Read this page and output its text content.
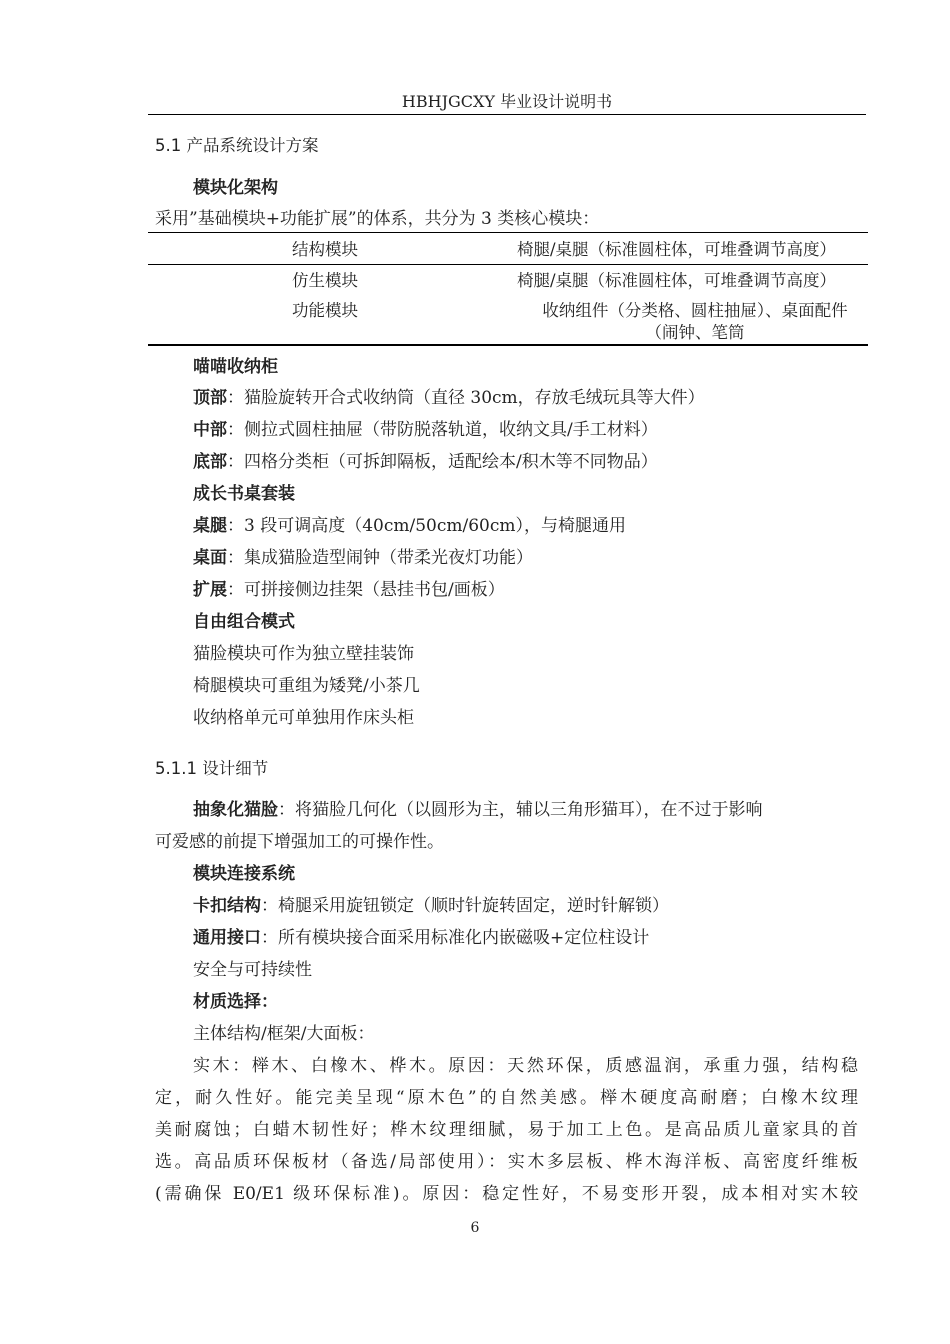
HBHJGCXY 毕业设计说明书
5.1 产品系统设计方案
模块化架构
采用”基础模块+功能扩展”的体系，共分为 3 类核心模块：
结构模块	椅腿/桌腿（标准圆柱体，可堆叠调节高度）
仿生模块	椅腿/桌腿（标准圆柱体，可堆叠调节高度）
功能模块	收纳组件（分类格、圆柱抽屉）、桌面配件（闹钟、笔筒
喵喵收纳柜
顶部：猫脸旋转开合式收纳筒（直径 30cm，存放毛绒玩具等大件）
中部：侧拉式圆柱抽屉（带防脱落轨道，收纳文具/手工材料）
底部：四格分类柜（可拆卸隔板，适配绘本/积木等不同物品）
成长书桌套装
桌腿：3 段可调高度（40cm/50cm/60cm），与椅腿通用
桌面：集成猫脸造型闹钟（带柔光夜灯功能）
扩展：可拼接侧边挂架（悬挂书包/画板）
自由组合模式
猫脸模块可作为独立壁挂装饰
椅腿模块可重组为矮凳/小茶几
收纳格单元可单独用作床头柜
5.1.1 设计细节
抽象化猫脸：将猫脸几何化（以圆形为主，辅以三角形猫耳），在不过于影响
可爱感的前提下增强加工的可操作性。
模块连接系统
卡扣结构：椅腿采用旋钮锁定（顺时针旋转固定，逆时针解锁）
通用接口：所有模块接合面采用标准化内嵌磁吸+定位柱设计
安全与可持续性
材质选择：
主体结构/框架/大面板：
实木：榉木、白橡木、桦木。原因：天然环保，质感温润，承重力强，结构稳
定，耐久性好。能完美呈现“原木色”的自然美感。榉木硬度高耐磨；白橡木纹理
美耐腐蚀；白蜡木韧性好；桦木纹理细腻，易于加工上色。是高品质儿童家具的首
选。高品质环保板材（备选/局部使用）：实木多层板、桦木海洋板、高密度纤维板
(需确保 E0/E1 级环保标准)。原因：稳定性好，不易变形开裂，成本相对实木较
6
